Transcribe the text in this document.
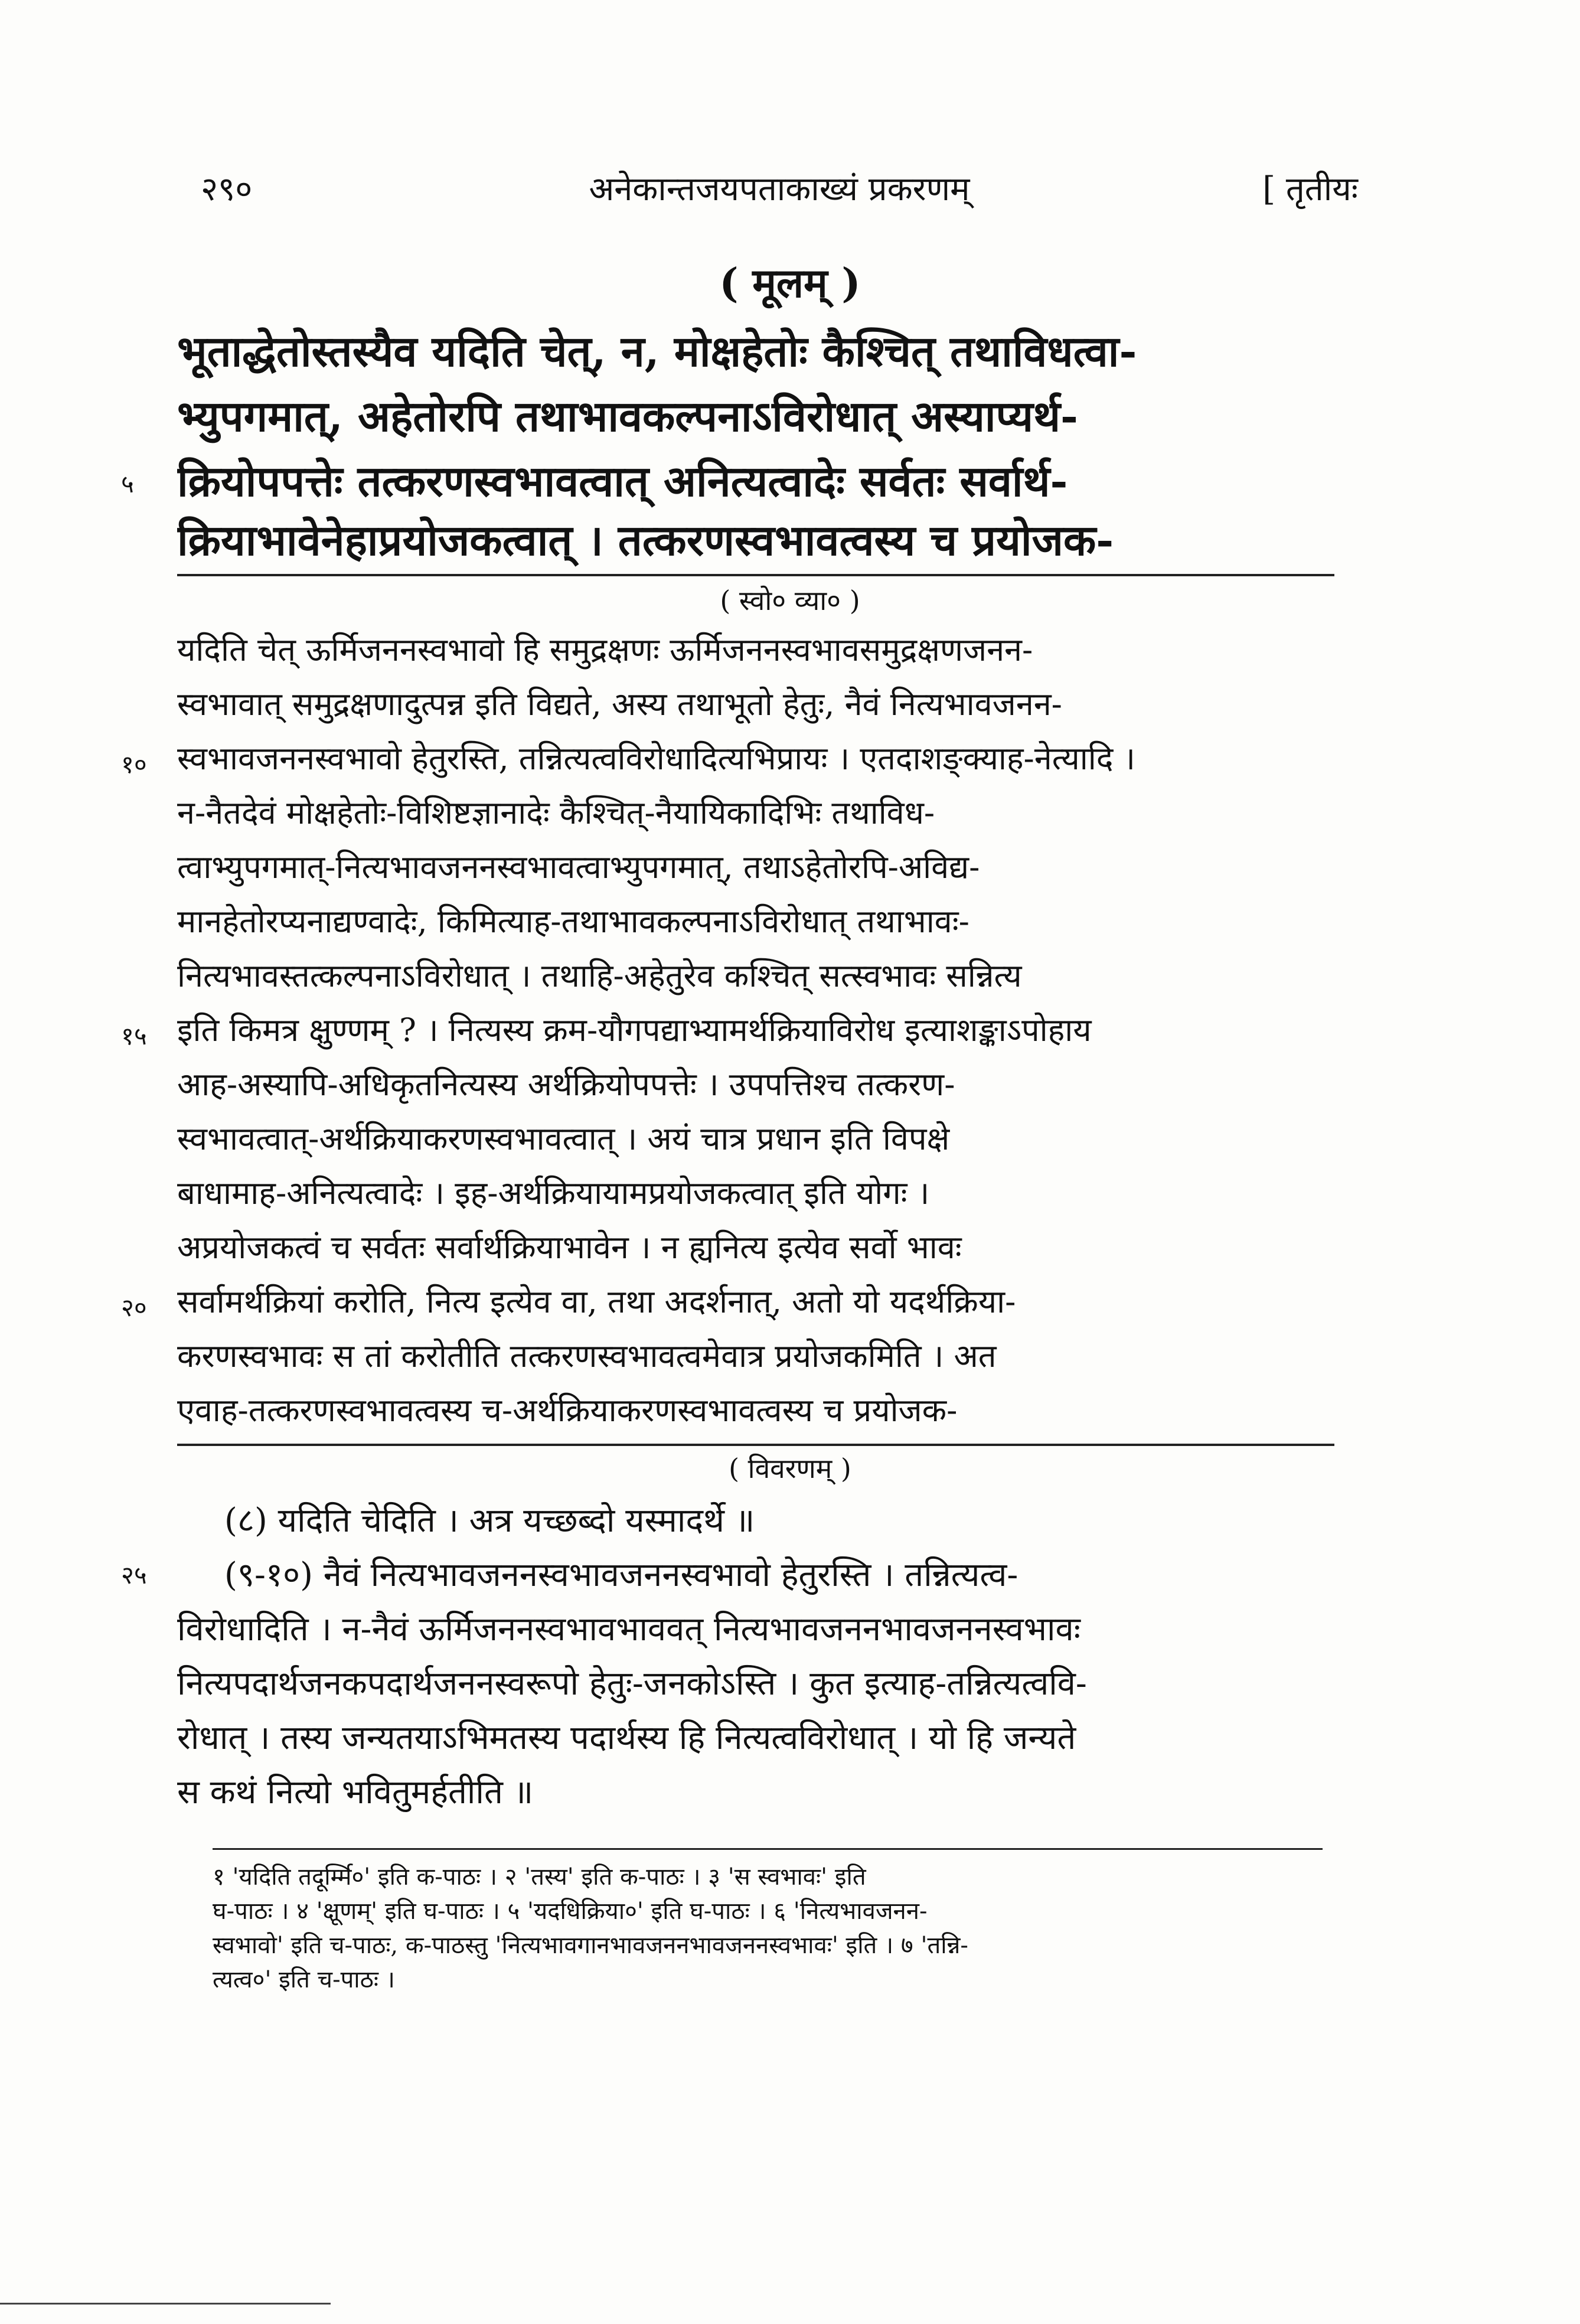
२९०	अनेकान्तजयपताकाख्यं प्रकरणम्	[ तृतीयः
( मूलम् )
भूताद्धेतोस्तस्यैव यदिति चेत्, न, मोक्षहेतोः कैश्चित् तथाविधत्वा-
भ्युपगमात्, अहेतोरपि तथाभावकल्पनाऽविरोधात् अस्याप्यर्थ-
क्रियोपपत्तेः तत्करणस्वभावत्वात् अनित्यत्वादेः सर्वतः सर्वार्थ-
५
क्रियाभावेनेहाप्रयोजकत्वात् । तत्करणस्वभावत्वस्य च प्रयोजक-
( स्वो० व्या० )
यदिति चेत् ऊर्मिजननस्वभावो हि समुद्रक्षणः ऊर्मिजननस्वभावसमुद्रक्षणजनन-
स्वभावात् समुद्रक्षणादुत्पन्न इति विद्यते, अस्य तथाभूतो हेतुः, नैवं नित्यभावजनन-
स्वभावजननस्वभावो हेतुरस्ति, तन्नित्यत्वविरोधादित्यभिप्रायः । एतदाशङ्क्याह-नेत्यादि ।
१०
न-नैतदेवं मोक्षहेतोः-विशिष्टज्ञानादेः कैश्चित्-नैयायिकादिभिः तथाविध-
त्वाभ्युपगमात्-नित्यभावजननस्वभावत्वाभ्युपगमात्, तथाऽहेतोरपि-अविद्य-
मानहेतोरप्यनाद्यण्वादेः, किमित्याह-तथाभावकल्पनाऽविरोधात् तथाभावः-
नित्यभावस्तत्कल्पनाऽविरोधात् । तथाहि-अहेतुरेव कश्चित् सत्स्वभावः सन्नित्य
इति किमत्र क्षुण्णम् ? । नित्यस्य क्रम-यौगपद्याभ्यामर्थक्रियाविरोध इत्याशङ्काऽपोहाय
१५
आह-अस्यापि-अधिकृतनित्यस्य अर्थक्रियोपपत्तेः । उपपत्तिश्च तत्करण-
स्वभावत्वात्-अर्थक्रियाकरणस्वभावत्वात् । अयं चात्र प्रधान इति विपक्षे
बाधामाह-अनित्यत्वादेः । इह-अर्थक्रियायामप्रयोजकत्वात् इति योगः ।
अप्रयोजकत्वं च सर्वतः सर्वार्थक्रियाभावेन । न ह्यनित्य इत्येव सर्वो भावः
सर्वामर्थक्रियां करोति, नित्य इत्येव वा, तथा अदर्शनात्, अतो यो यदर्थक्रिया-
२०
करणस्वभावः स तां करोतीति तत्करणस्वभावत्वमेवात्र प्रयोजकमिति । अत
एवाह-तत्करणस्वभावत्वस्य च-अर्थक्रियाकरणस्वभावत्वस्य च प्रयोजक-
( विवरणम् )
(८) यदिति चेदिति । अत्र यच्छब्दो यस्मादर्थे ॥
२५	(९-१०) नैवं नित्यभावजननस्वभावजननस्वभावो हेतुरस्ति । तन्नित्यत्व-
विरोधादिति । न-नैवं ऊर्मिजननस्वभावभाववत् नित्यभावजननभावजननस्वभावः
नित्यपदार्थजनकपदार्थजननस्वरूपो हेतुः-जनकोऽस्ति । कुत इत्याह-तन्नित्यत्ववि-
रोधात् । तस्य जन्यतयाऽभिमतस्य पदार्थस्य हि नित्यत्वविरोधात् । यो हि जन्यते
स कथं नित्यो भवितुमर्हतीति ॥
१ 'यदिति तदूर्म्मि०' इति क-पाठः । २ 'तस्य' इति क-पाठः । ३ 'स स्वभावः' इति
घ-पाठः । ४ 'क्षूणम्' इति घ-पाठः । ५ 'यदधिक्रिया०' इति घ-पाठः । ६ 'नित्यभावजनन-
स्वभावो' इति च-पाठः, क-पाठस्तु 'नित्यभावगानभावजननभावजननस्वभावः' इति । ७ 'तन्नि-
त्यत्व०' इति च-पाठः ।
